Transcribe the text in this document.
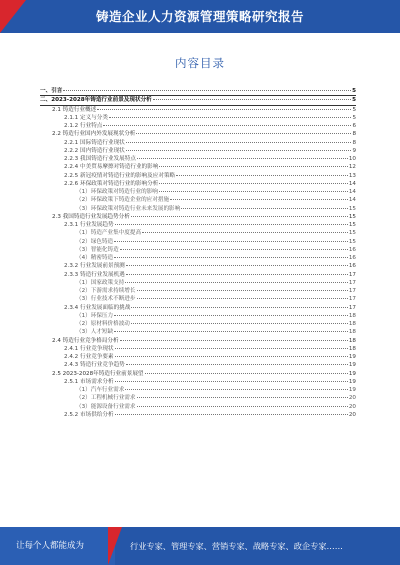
铸造企业人力资源管理策略研究报告
内容目录
一、引言	5
二、2023-2028年铸造行业前景及现状分析	5
2.1 铸造行业概述	5
2.1.1 定义与分类	5
2.1.2 行业特点	6
2.2 铸造行业国内外发展现状分析	8
2.2.1 国际铸造行业现状	8
2.2.2 国内铸造行业现状	9
2.2.3 我国铸造行业发展特点	10
2.2.4 中美贸易摩擦对铸造行业的影响	12
2.2.5 新冠疫情对铸造行业的影响及应对策略	13
2.2.6 环保政策对铸造行业的影响分析	14
（1）环保政策对铸造行业的影响	14
（2）环保政策下铸造企业的应对措施	14
（3）环保政策对铸造行业未来发展的影响	15
2.3 我国铸造行业发展趋势分析	15
2.3.1 行业发展趋势	15
（1）铸造产业集中度提高	15
（2）绿色铸造	15
（3）智能化铸造	16
（4）精密铸造	16
2.3.2 行业发展前景预测	16
2.3.3 铸造行业发展机遇	17
（1）国家政策支持	17
（2）下游需求持续增长	17
（3）行业技术不断进步	17
2.3.4 行业发展面临的挑战	17
（1）环保压力	18
（2）原材料价格波动	18
（3）人才短缺	18
2.4 铸造行业竞争格局分析	18
2.4.1 行业竞争现状	18
2.4.2 行业竞争要素	19
2.4.3 铸造行业竞争趋势	19
2.5 2023-2028年铸造行业前景展望	19
2.5.1 市场需求分析	19
（1）汽车行业需求	19
（2）工程机械行业需求	20
（3）能源设备行业需求	20
2.5.2 市场供给分析	20
让每个人都能成为	行业专家、管理专家、营销专家、战略专家、政企专家……
